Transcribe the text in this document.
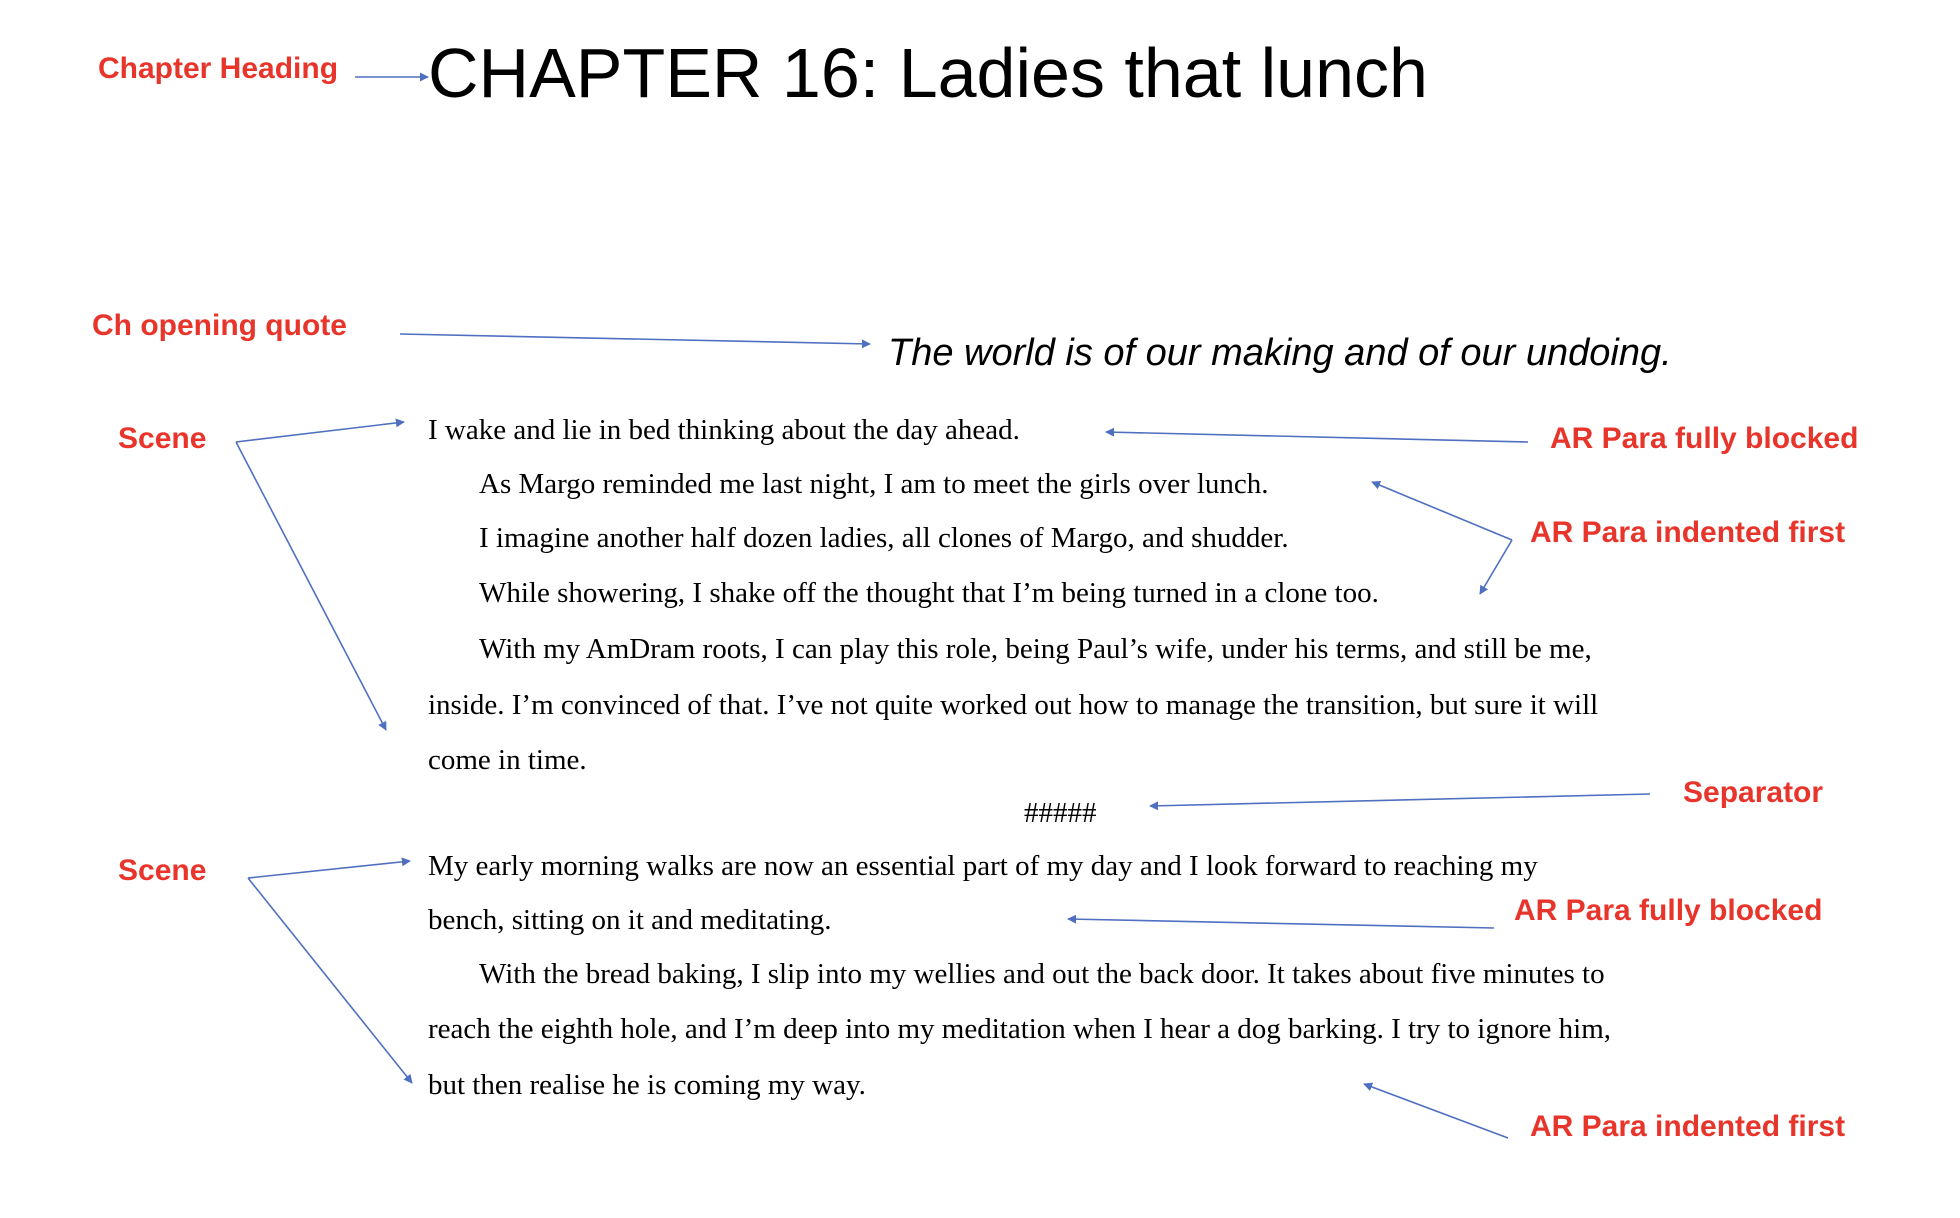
CHAPTER 16: Ladies that lunch
The world is of our making and of our undoing.
I wake and lie in bed thinking about the day ahead.
As Margo reminded me last night, I am to meet the girls over lunch.
I imagine another half dozen ladies, all clones of Margo, and shudder.
While showering, I shake off the thought that I’m being turned in a clone too.
With my AmDram roots, I can play this role, being Paul’s wife, under his terms, and still be me,
inside. I’m convinced of that. I’ve not quite worked out how to manage the transition, but sure it will
come in time.
#####
My early morning walks are now an essential part of my day and I look forward to reaching my
bench, sitting on it and meditating.
With the bread baking, I slip into my wellies and out the back door. It takes about five minutes to
reach the eighth hole, and I’m deep into my meditation when I hear a dog barking. I try to ignore him,
but then realise he is coming my way.
Chapter Heading
Ch opening quote
Scene	AR Para fully blocked
AR Para indented first
Separator
Scene
AR Para fully blocked
AR Para indented first
